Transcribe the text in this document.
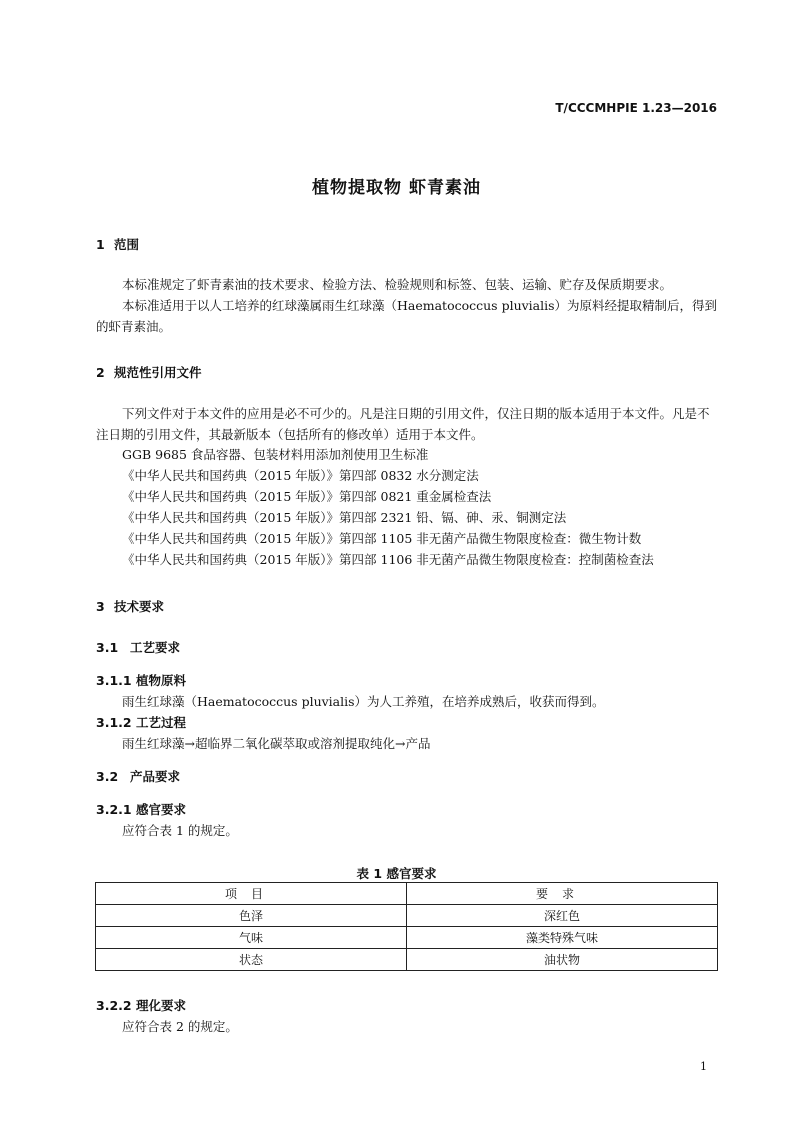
T/CCCMHPIE 1.23—2016
植物提取物 虾青素油
1 范围
本标准规定了虾青素油的技术要求、检验方法、检验规则和标签、包装、运输、贮存及保质期要求。
本标准适用于以人工培养的红球藻属雨生红球藻（Haematococcus pluvialis）为原料经提取精制后，得到的虾青素油。
2 规范性引用文件
下列文件对于本文件的应用是必不可少的。凡是注日期的引用文件，仅注日期的版本适用于本文件。凡是不注日期的引用文件，其最新版本（包括所有的修改单）适用于本文件。
GGB 9685 食品容器、包装材料用添加剂使用卫生标准
《中华人民共和国药典（2015 年版）》第四部 0832 水分测定法
《中华人民共和国药典（2015 年版）》第四部 0821 重金属检查法
《中华人民共和国药典（2015 年版）》第四部 2321 铅、镉、砷、汞、铜测定法
《中华人民共和国药典（2015 年版）》第四部 1105 非无菌产品微生物限度检查：微生物计数
《中华人民共和国药典（2015 年版）》第四部 1106 非无菌产品微生物限度检查：控制菌检查法
3 技术要求
3.1 工艺要求
3.1.1 植物原料
雨生红球藻（Haematococcus pluvialis）为人工养殖，在培养成熟后，收获而得到。
3.1.2 工艺过程
雨生红球藻→超临界二氧化碳萃取或溶剂提取纯化→产品
3.2 产品要求
3.2.1 感官要求
应符合表 1 的规定。
表 1 感官要求
项目	要求
色泽	深红色
气味	藻类特殊气味
状态	油状物
3.2.2 理化要求
应符合表 2 的规定。
1
